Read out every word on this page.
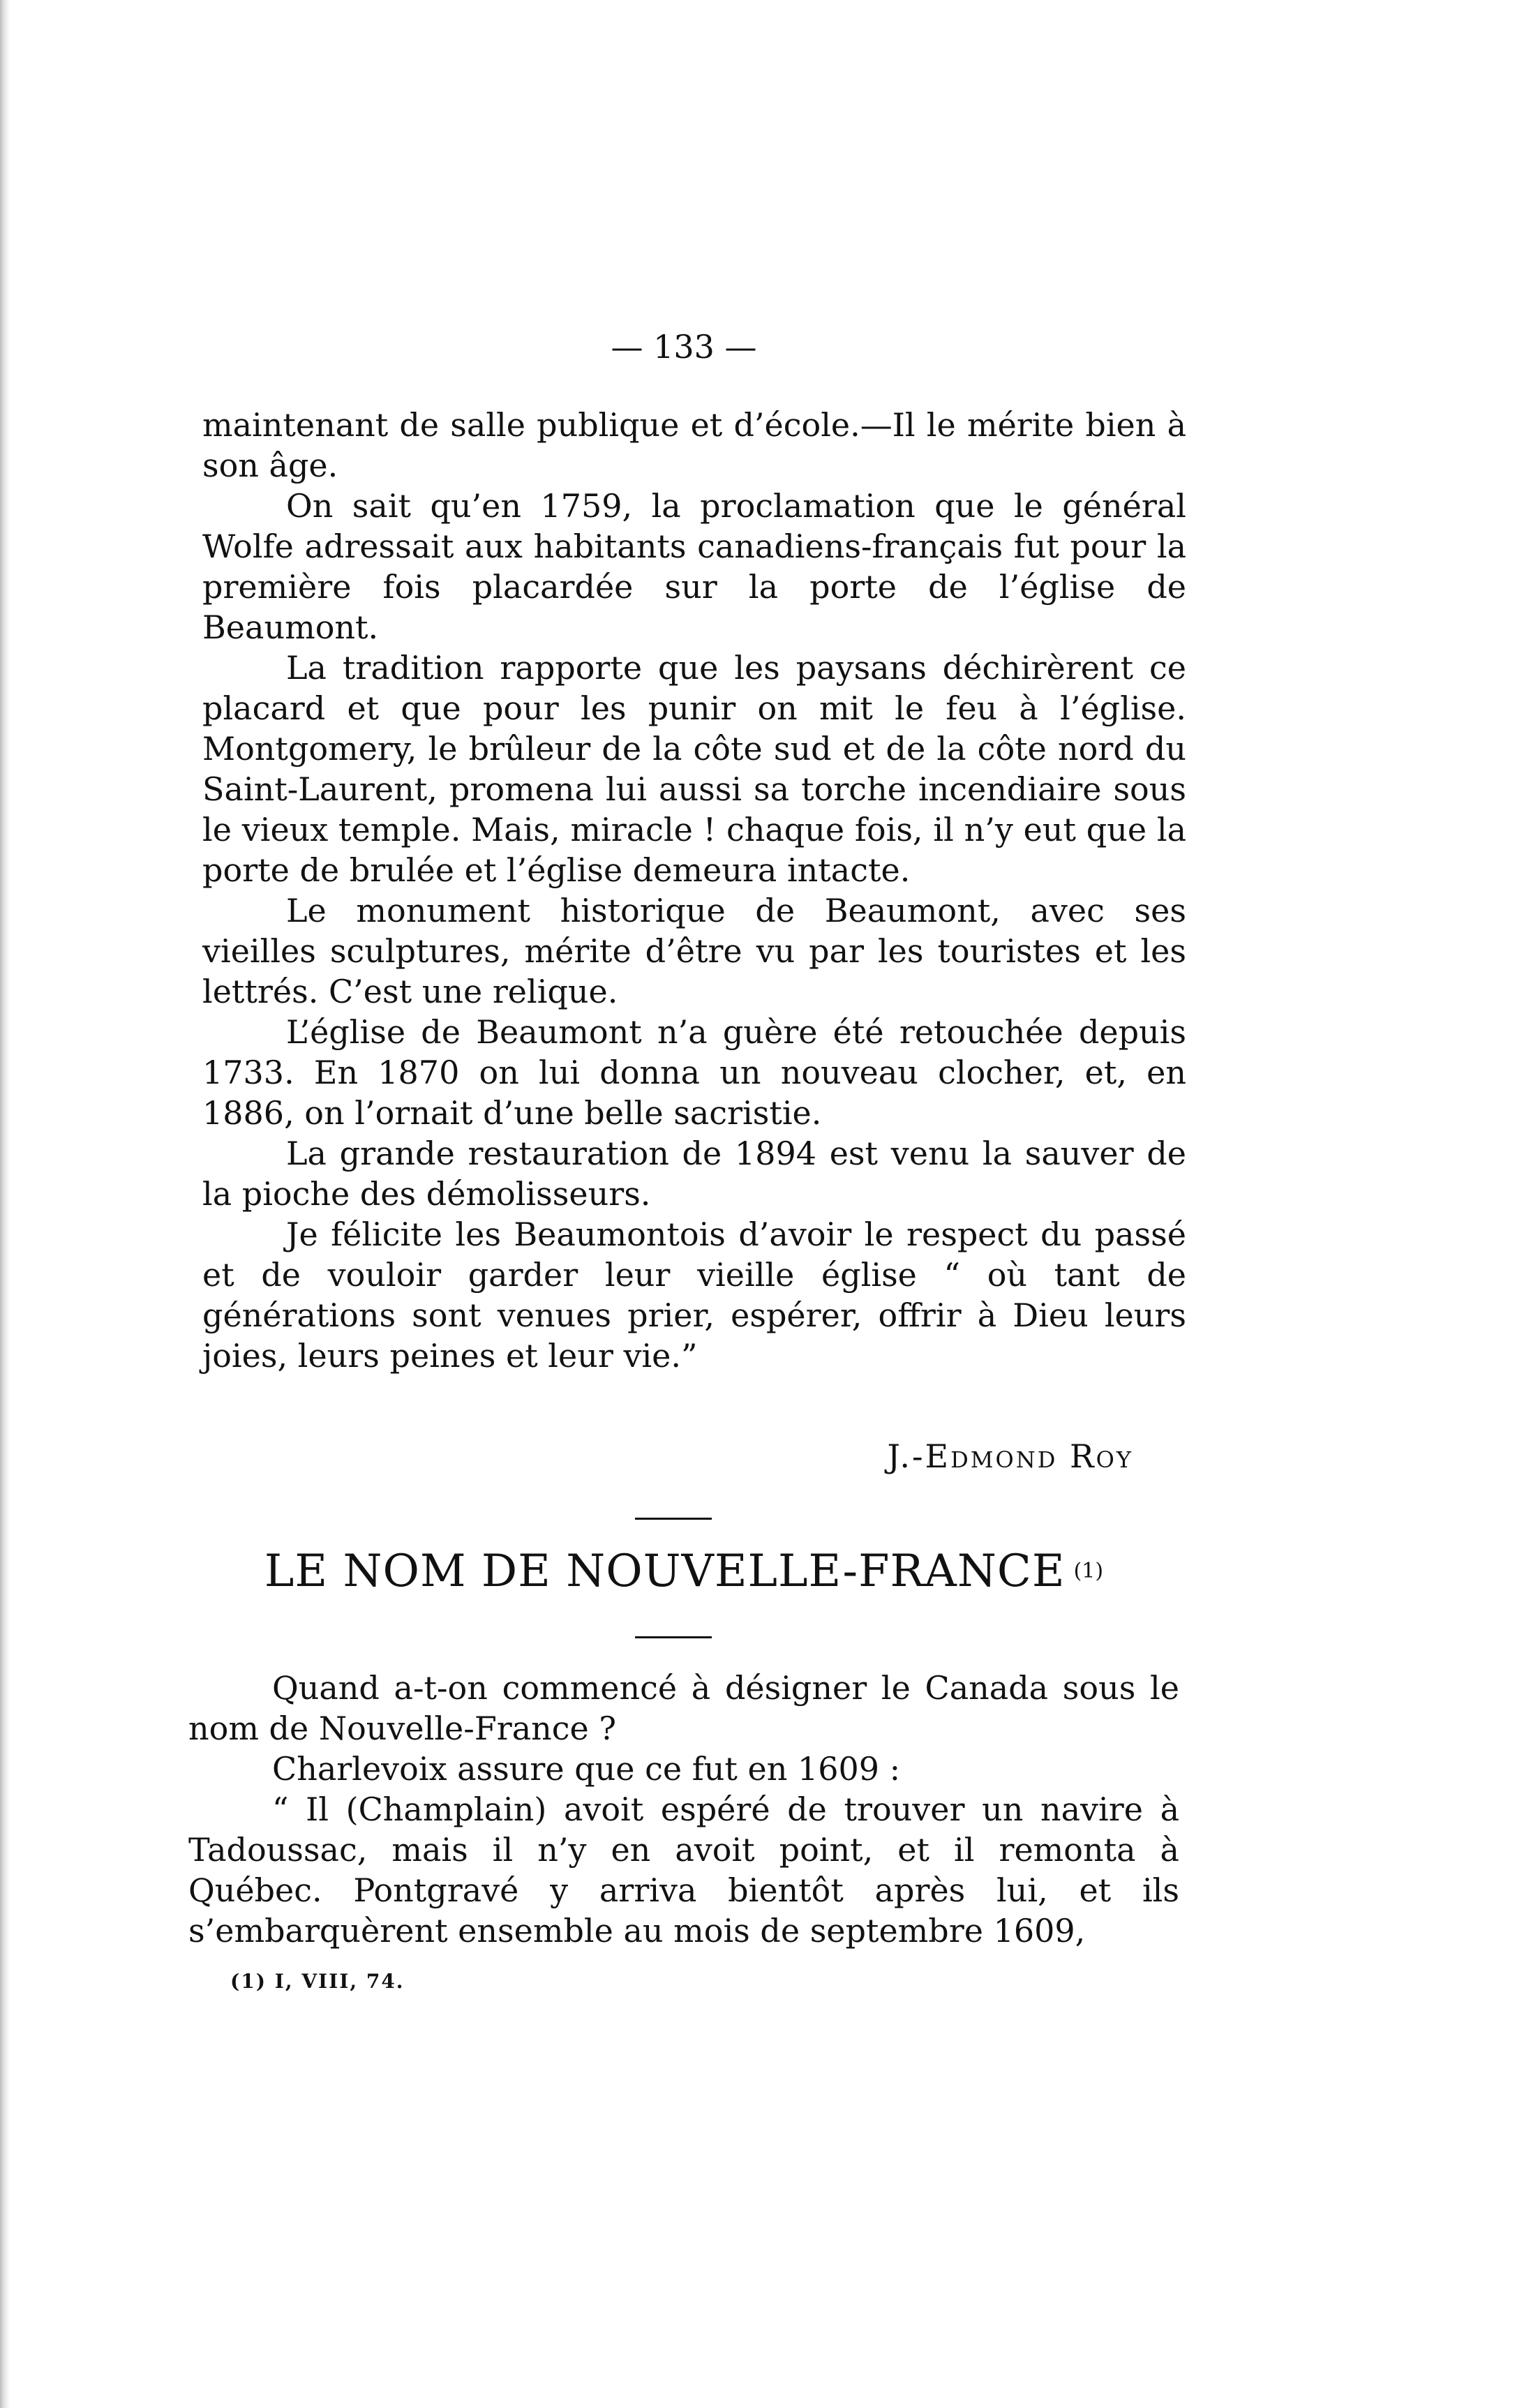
— 133 —

maintenant de salle publique et d’école.—Il le mérite bien à son âge.

On sait qu’en 1759, la proclamation que le général Wolfe adressait aux habitants canadiens-français fut pour la première fois placardée sur la porte de l’église de Beaumont.

La tradition rapporte que les paysans déchirèrent ce placard et que pour les punir on mit le feu à l’église. Montgomery, le brûleur de la côte sud et de la côte nord du Saint-Laurent, promena lui aussi sa torche incendiaire sous le vieux temple. Mais, miracle ! chaque fois, il n’y eut que la porte de brulée et l’église demeura intacte.

Le monument historique de Beaumont, avec ses vieilles sculptures, mérite d’être vu par les touristes et les lettrés. C’est une relique.

L’église de Beaumont n’a guère été retouchée depuis 1733. En 1870 on lui donna un nouveau clocher, et, en 1886, on l’ornait d’une belle sacristie.

La grande restauration de 1894 est venu la sauver de la pioche des démolisseurs.

Je félicite les Beaumontois d’avoir le respect du passé et de vouloir garder leur vieille église “ où tant de générations sont venues prier, espérer, offrir à Dieu leurs joies, leurs peines et leur vie.”

J.-Edmond Roy
LE NOM DE NOUVELLE-FRANCE (1)

Quand a-t-on commencé à désigner le Canada sous le nom de Nouvelle-France ?

Charlevoix assure que ce fut en 1609 :

“ Il (Champlain) avoit espéré de trouver un navire à Tadoussac, mais il n’y en avoit point, et il remonta à Québec. Pontgravé y arriva bientôt après lui, et ils s’embarquèrent ensemble au mois de septembre 1609,

(1) I, VIII, 74.
